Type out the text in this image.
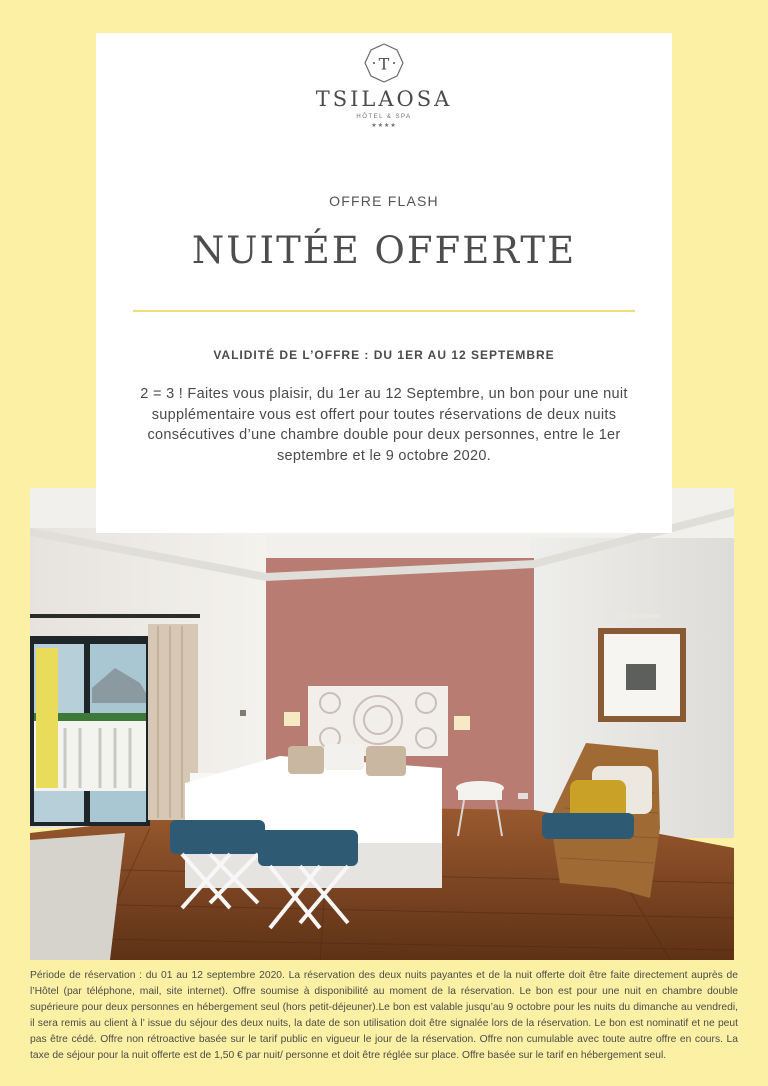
T
TSILAOSA
HÔTEL & SPA
★★★★
OFFRE FLASH
NUITÉE OFFERTE
VALIDITÉ DE L’OFFRE : DU 1ER AU 12 SEPTEMBRE
2 = 3 ! Faites vous plaisir, du 1er au 12 Septembre, un bon pour une nuit supplémentaire vous est offert pour toutes réservations de deux nuits consécutives d’une chambre double pour deux personnes, entre le 1er septembre et le 9 octobre 2020.
Période de réservation : du 01 au 12 septembre 2020. La réservation des deux nuits payantes et de la nuit offerte doit être faite directement auprès de l’Hôtel (par téléphone, mail, site internet). Offre soumise à disponibilité au moment de la réservation. Le bon est pour une nuit en chambre double supérieure pour deux personnes en hébergement seul (hors petit-déjeuner).Le bon est valable jusqu’au 9 octobre pour les nuits du dimanche au vendredi, il sera remis au client à l’ issue du séjour des deux nuits, la date de son utilisation doit être signalée lors de la réservation. Le bon est nominatif et ne peut pas être cédé. Offre non rétroactive basée sur le tarif public en vigueur le jour de la réservation. Offre non cumulable avec toute autre offre en cours. La taxe de séjour pour la nuit offerte est de 1,50 € par nuit/ personne et doit être réglée sur place. Offre basée sur le tarif en hébergement seul.
